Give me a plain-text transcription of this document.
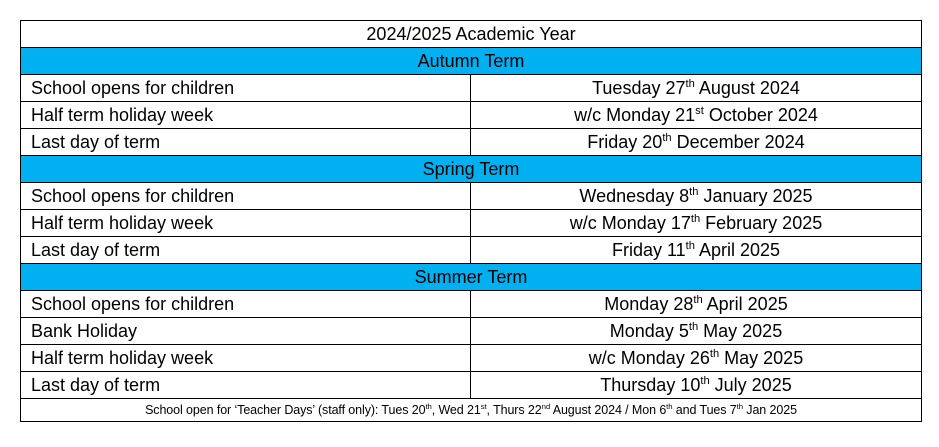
2024/2025 Academic Year	
Autumn Term	
School opens for children	Tuesday 27th August 2024
Half term holiday week	w/c Monday 21st October 2024
Last day of term	Friday 20th December 2024
Spring Term	
School opens for children	Wednesday 8th January 2025
Half term holiday week	w/c Monday 17th February 2025
Last day of term	Friday 11th April 2025
Summer Term	
School opens for children	Monday 28th April 2025
Bank Holiday	Monday 5th May 2025
Half term holiday week	w/c Monday 26th May 2025
Last day of term	Thursday 10th July 2025
School open for ‘Teacher Days’ (staff only): Tues 20th, Wed 21st, Thurs 22nd August 2024 / Mon 6th and Tues 7th Jan 2025	
